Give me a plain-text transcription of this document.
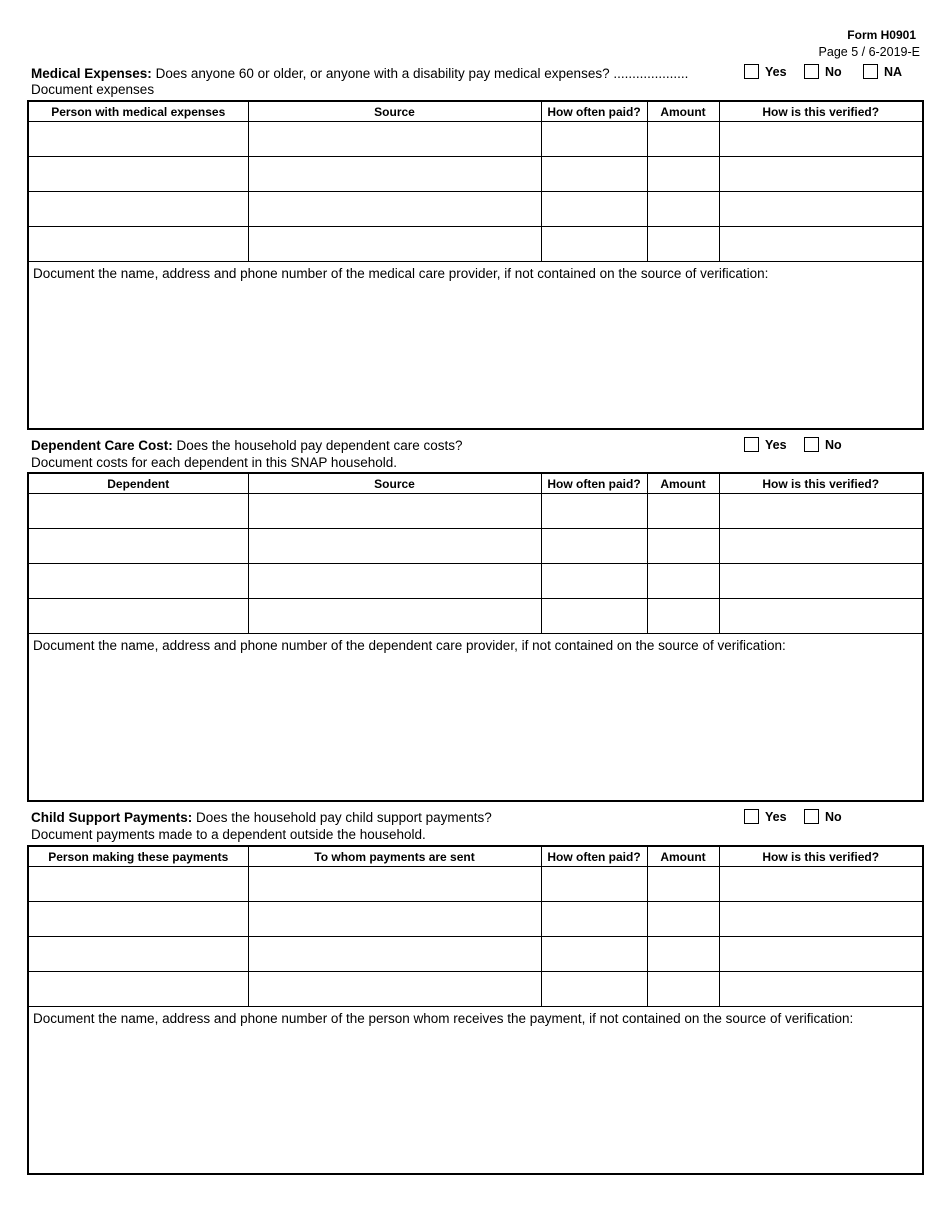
Form H0901
Page 5 / 6-2019-E
Medical Expenses: Does anyone 60 or older, or anyone with a disability pay medical expenses? ....................
Document expenses
Yes	No	NA
Person with medical expenses	Source	How often paid?	Amount	How is this verified?

Document the name, address and phone number of the medical care provider, if not contained on the source of verification:				
Dependent Care Cost: Does the household pay dependent care costs?
Document costs for each dependent in this SNAP household.
Yes	No
Dependent	Source	How often paid?	Amount	How is this verified?

Document the name, address and phone number of the dependent care provider, if not contained on the source of verification:				
Child Support Payments: Does the household pay child support payments?
Document payments made to a dependent outside the household.
Yes	No
Person making these payments	To whom payments are sent	How often paid?	Amount	How is this verified?

Document the name, address and phone number of the person whom receives the payment, if not contained on the source of verification:				
